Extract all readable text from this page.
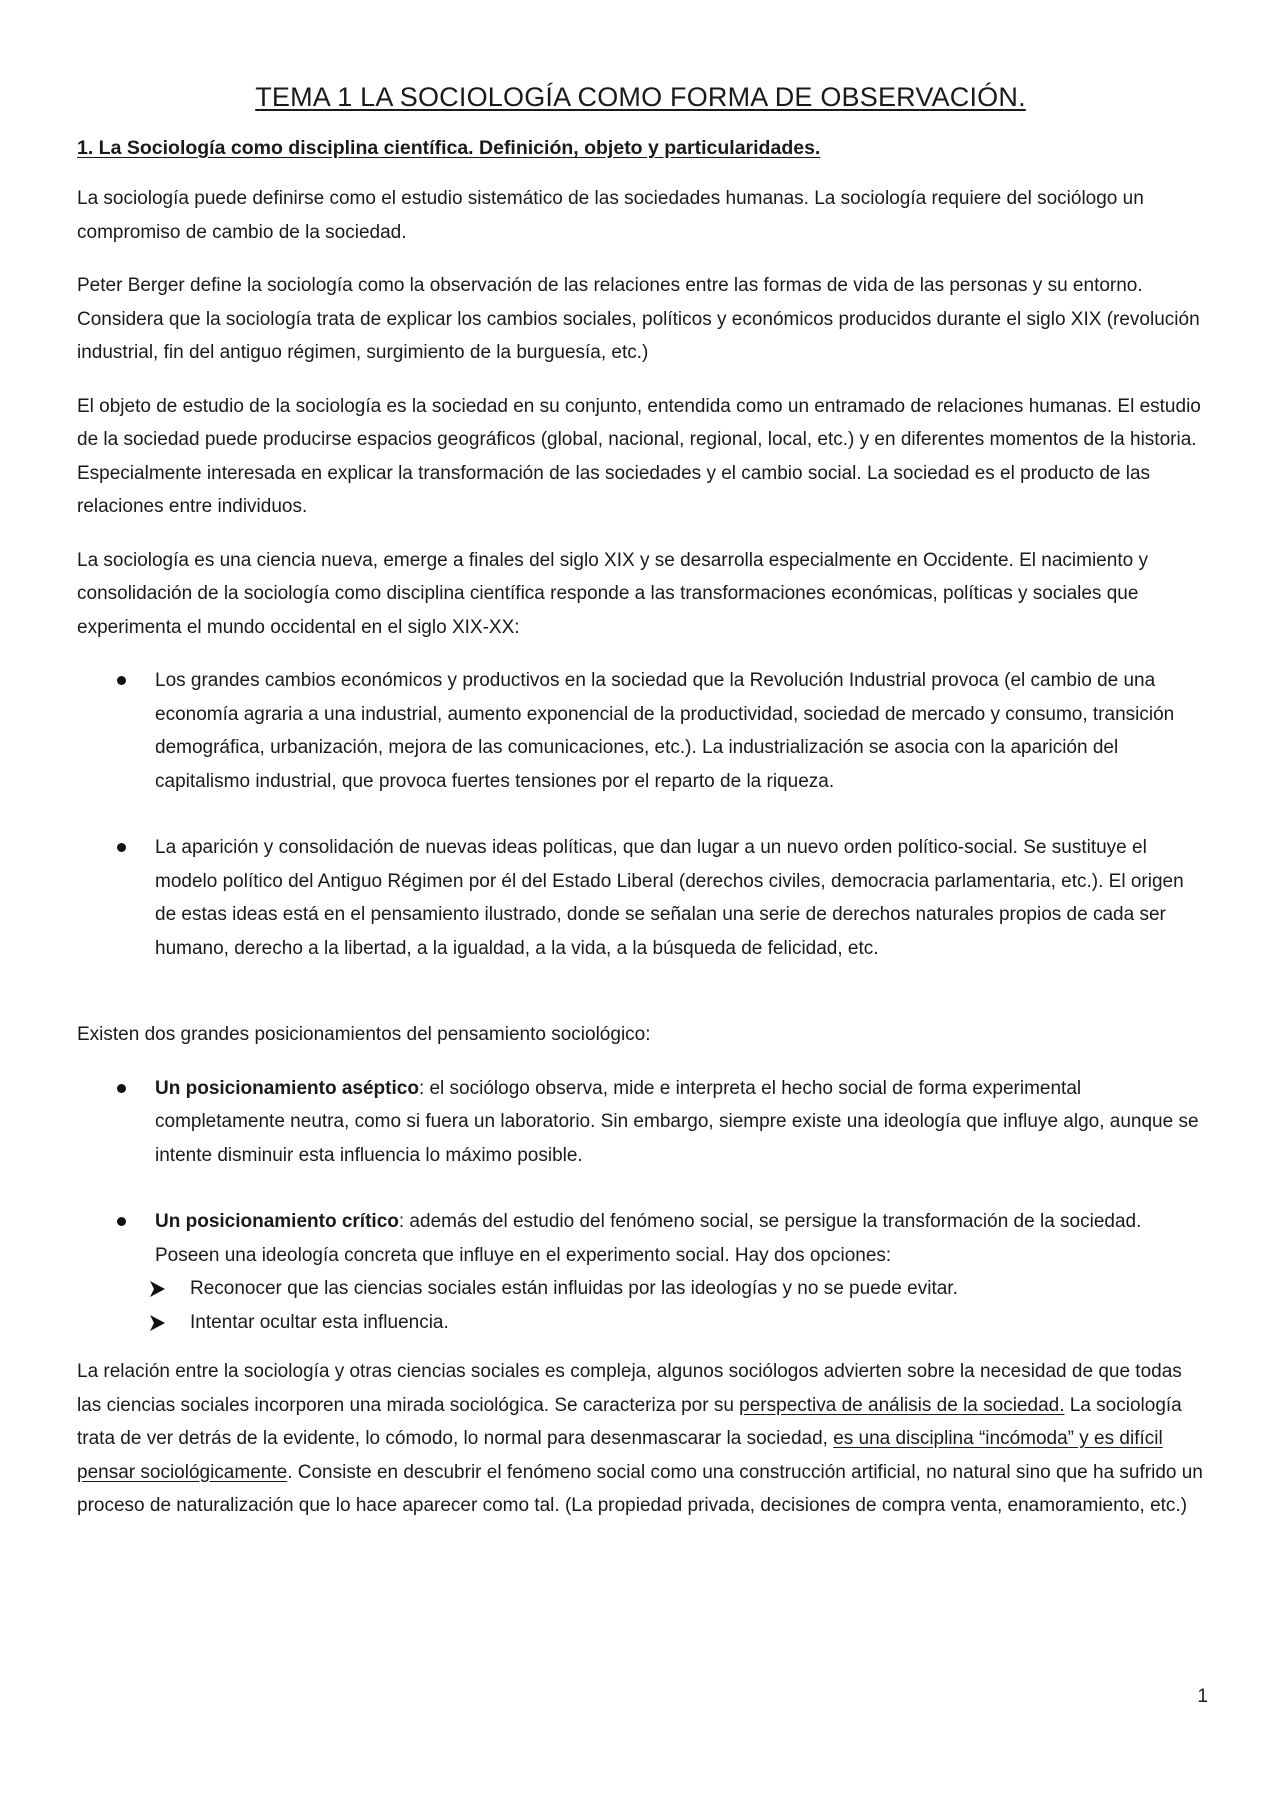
TEMA 1 LA SOCIOLOGÍA COMO FORMA DE OBSERVACIÓN.
1. La Sociología como disciplina científica. Definición, objeto y particularidades.

La sociología puede definirse como el estudio sistemático de las sociedades humanas. La sociología requiere del sociólogo un compromiso de cambio de la sociedad.

Peter Berger define la sociología como la observación de las relaciones entre las formas de vida de las personas y su entorno. Considera que la sociología trata de explicar los cambios sociales, políticos y económicos producidos durante el siglo XIX (revolución industrial, fin del antiguo régimen, surgimiento de la burguesía, etc.)

El objeto de estudio de la sociología es la sociedad en su conjunto, entendida como un entramado de relaciones humanas. El estudio de la sociedad puede producirse espacios geográficos (global, nacional, regional, local, etc.) y en diferentes momentos de la historia. Especialmente interesada en explicar la transformación de las sociedades y el cambio social. La sociedad es el producto de las relaciones entre individuos.

La sociología es una ciencia nueva, emerge a finales del siglo XIX y se desarrolla especialmente en Occidente. El nacimiento y consolidación de la sociología como disciplina científica responde a las transformaciones económicas, políticas y sociales que experimenta el mundo occidental en el siglo XIX-XX:

Los grandes cambios económicos y productivos en la sociedad que la Revolución Industrial provoca (el cambio de una economía agraria a una industrial, aumento exponencial de la productividad, sociedad de mercado y consumo, transición demográfica, urbanización, mejora de las comunicaciones, etc.). La industrialización se asocia con la aparición del capitalismo industrial, que provoca fuertes tensiones por el reparto de la riqueza.
La aparición y consolidación de nuevas ideas políticas, que dan lugar a un nuevo orden político-social. Se sustituye el modelo político del Antiguo Régimen por él del Estado Liberal (derechos civiles, democracia parlamentaria, etc.). El origen de estas ideas está en el pensamiento ilustrado, donde se señalan una serie de derechos naturales propios de cada ser humano, derecho a la libertad, a la igualdad, a la vida, a la búsqueda de felicidad, etc.

Existen dos grandes posicionamientos del pensamiento sociológico:

Un posicionamiento aséptico: el sociólogo observa, mide e interpreta el hecho social de forma experimental completamente neutra, como si fuera un laboratorio. Sin embargo, siempre existe una ideología que influye algo, aunque se intente disminuir esta influencia lo máximo posible.
Un posicionamiento crítico: además del estudio del fenómeno social, se persigue la transformación de la sociedad. Poseen una ideología concreta que influye en el experimento social. Hay dos opciones:
Reconocer que las ciencias sociales están influidas por las ideologías y no se puede evitar.
Intentar ocultar esta influencia.

La relación entre la sociología y otras ciencias sociales es compleja, algunos sociólogos advierten sobre la necesidad de que todas las ciencias sociales incorporen una mirada sociológica. Se caracteriza por su perspectiva de análisis de la sociedad. La sociología trata de ver detrás de la evidente, lo cómodo, lo normal para desenmascarar la sociedad, es una disciplina “incómoda” y es difícil pensar sociológicamente. Consiste en descubrir el fenómeno social como una construcción artificial, no natural sino que ha sufrido un proceso de naturalización que lo hace aparecer como tal. (La propiedad privada, decisiones de compra venta, enamoramiento, etc.)

1
